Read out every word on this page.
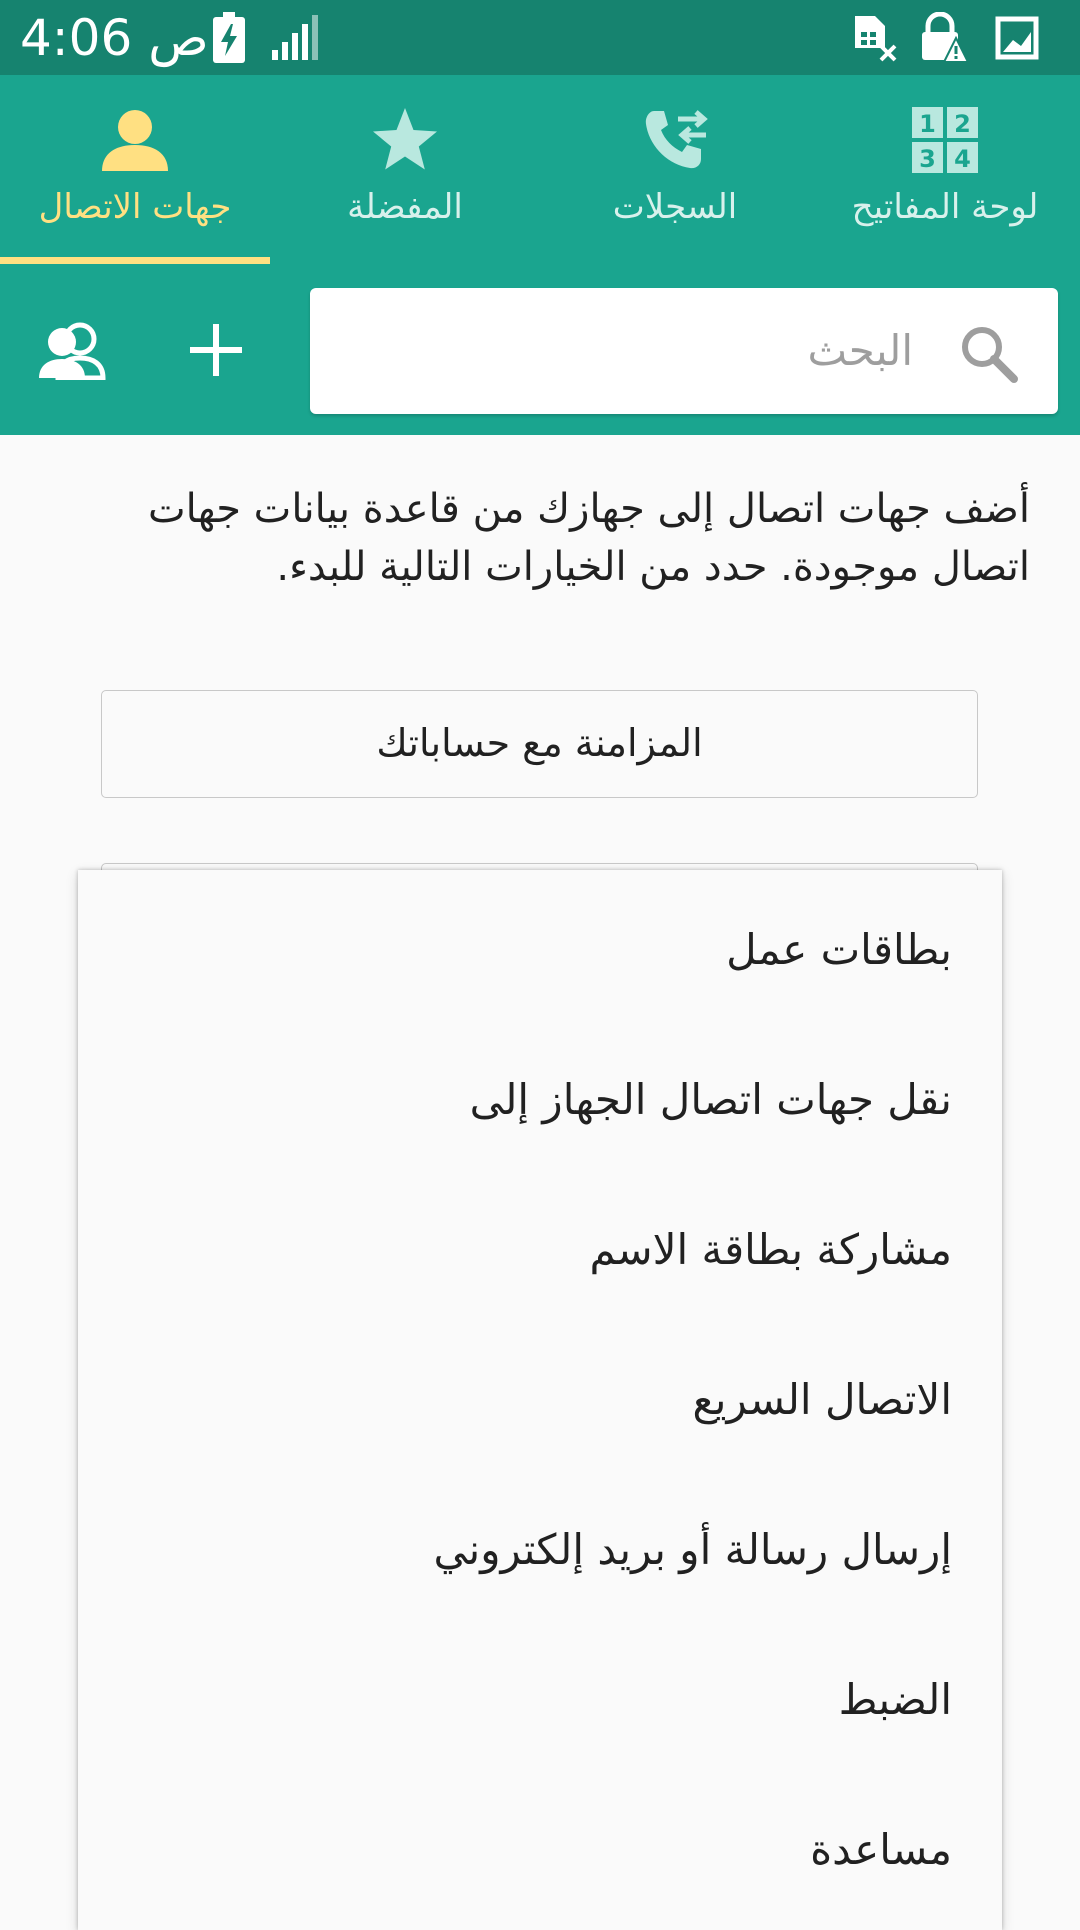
ص 4:06
جهات الاتصال	المفضلة	السجلات
1 2
3 4
لوحة المفاتيح
البحث
أضف جهات اتصال إلى جهازك من قاعدة بيانات جهات اتصال موجودة. حدد من الخيارات التالية للبدء.
المزامنة مع حساباتك
بطاقات عمل
نقل جهات اتصال الجهاز إلى
مشاركة بطاقة الاسم
الاتصال السريع
إرسال رسالة أو بريد إلكتروني
الضبط
مساعدة
